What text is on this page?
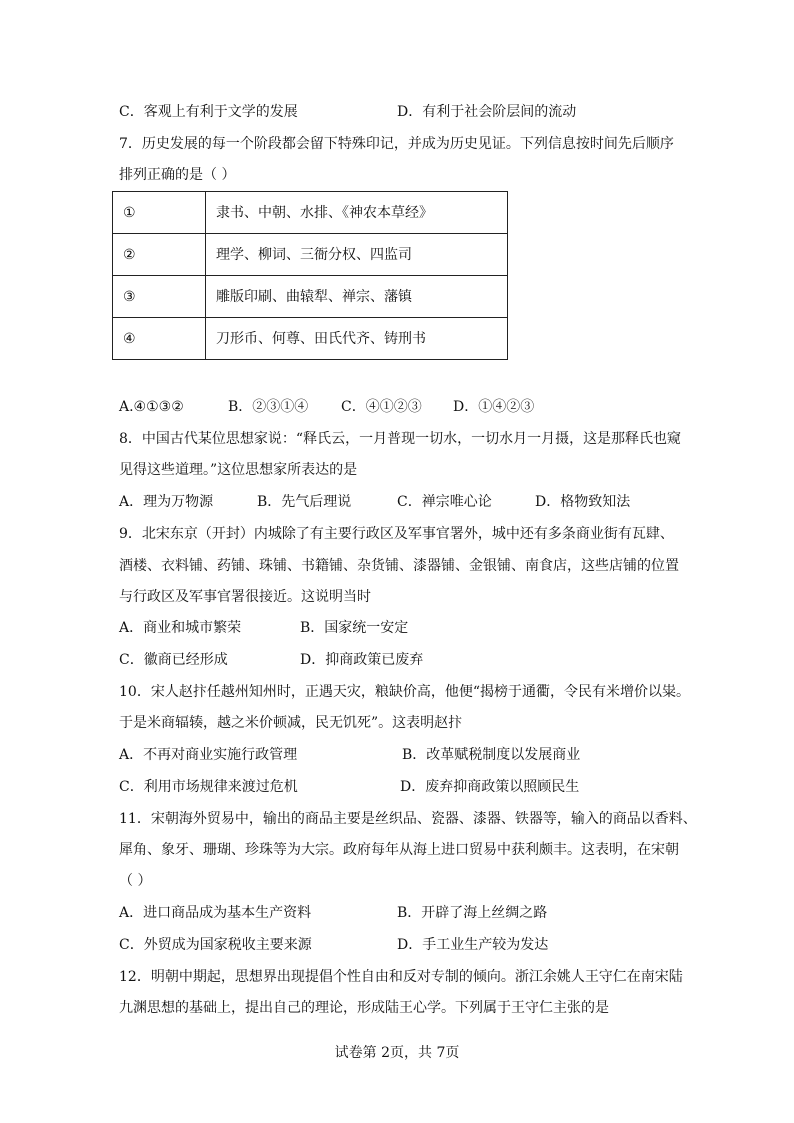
C．客观上有利于文学的发展	D．有利于社会阶层间的流动
7．历史发展的每一个阶段都会留下特殊印记，并成为历史见证。下列信息按时间先后顺序
排列正确的是（ ）
①	隶书、中朝、水排、《神农本草经》
②	理学、柳词、三衙分权、四监司
③	雕版印刷、曲辕犁、禅宗、藩镇
④	刀形币、何尊、田氏代齐、铸刑书
A.④①③②	B．②③①④ C．④①②③ D．①④②③
8．中国古代某位思想家说：“释氏云，一月普现一切水，一切水月一月摄，这是那释氏也窥
见得这些道理。”这位思想家所表达的是
A．理为万物源	B．先气后理说	C．禅宗唯心论	D．格物致知法
9．北宋东京（开封）内城除了有主要行政区及军事官署外，城中还有多条商业街有瓦肆、
酒楼、衣料铺、药铺、珠铺、书籍铺、杂货铺、漆器铺、金银铺、南食店，这些店铺的位置
与行政区及军事官署很接近。这说明当时
A．商业和城市繁荣	B．国家统一安定
C．徽商已经形成	D．抑商政策已废弃
10．宋人赵抃任越州知州时，正遇天灾，粮缺价高，他便“揭榜于通衢，令民有米增价以粜。
于是米商辐辏，越之米价顿减，民无饥死”。这表明赵抃
A．不再对商业实施行政管理	B．改革赋税制度以发展商业
C．利用市场规律来渡过危机	D．废弃抑商政策以照顾民生
11．宋朝海外贸易中，输出的商品主要是丝织品、瓷器、漆器、铁器等，输入的商品以香料、
犀角、象牙、珊瑚、珍珠等为大宗。政府每年从海上进口贸易中获利颇丰。这表明，在宋朝
（ ）
A．进口商品成为基本生产资料	B．开辟了海上丝绸之路
C．外贸成为国家税收主要来源	D．手工业生产较为发达
12．明朝中期起，思想界出现提倡个性自由和反对专制的倾向。浙江余姚人王守仁在南宋陆
九渊思想的基础上，提出自己的理论，形成陆王心学。下列属于王守仁主张的是
试卷第 2页，共 7页
